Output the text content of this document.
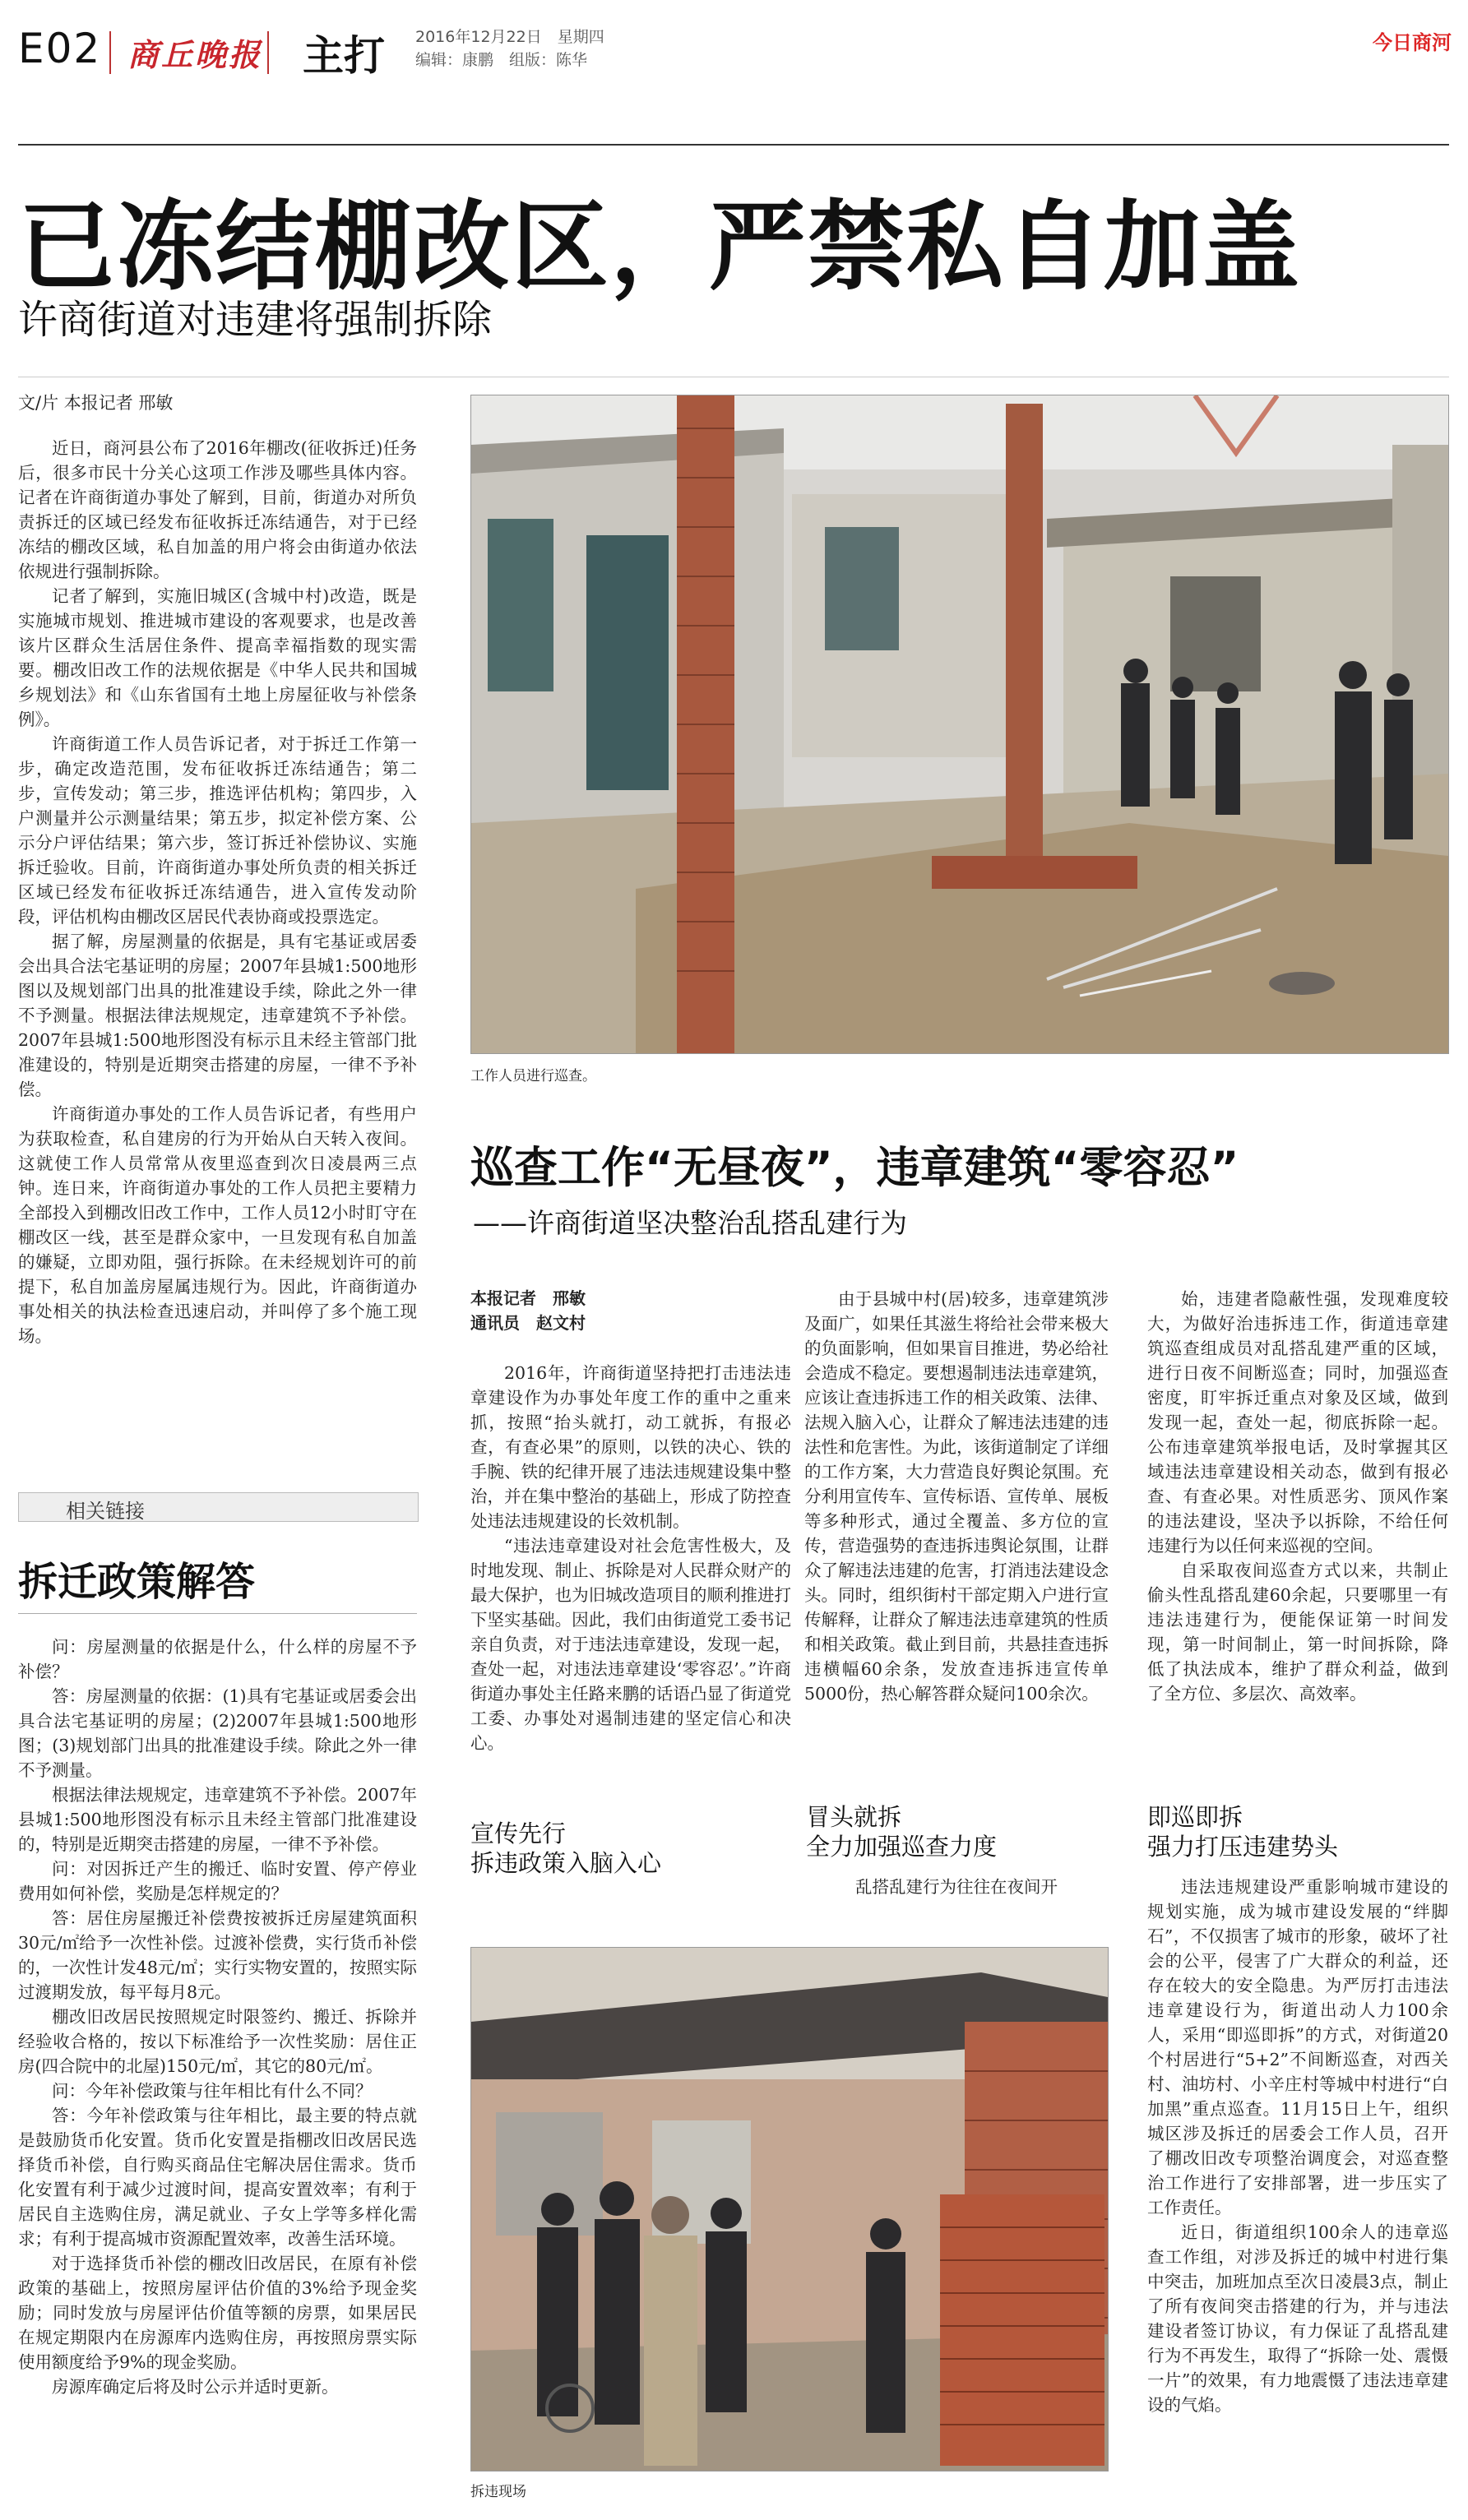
E02 商丘晚报 主打 2016年12月22日　 星期四
编辑：康鹏　 组版：陈华
今日商河
已冻结棚改区，严禁私自加盖
许商街道对违建将强制拆除
文/片 本报记者 邢敏

近日，商河县公布了2016年棚改(征收拆迁)任务后，很多市民十分关心这项工作涉及哪些具体内容。记者在许商街道办事处了解到，目前，街道办对所负责拆迁的区域已经发布征收拆迁冻结通告，对于已经冻结的棚改区域，私自加盖的用户将会由街道办依法依规进行强制拆除。

记者了解到，实施旧城区(含城中村)改造，既是实施城市规划、推进城市建设的客观要求，也是改善该片区群众生活居住条件、提高幸福指数的现实需要。棚改旧改工作的法规依据是《中华人民共和国城乡规划法》和《山东省国有土地上房屋征收与补偿条例》。

许商街道工作人员告诉记者，对于拆迁工作第一步，确定改造范围，发布征收拆迁冻结通告；第二步，宣传发动；第三步，推选评估机构；第四步，入户测量并公示测量结果；第五步，拟定补偿方案、公示分户评估结果；第六步，签订拆迁补偿协议、实施拆迁验收。目前，许商街道办事处所负责的相关拆迁区域已经发布征收拆迁冻结通告，进入宣传发动阶段，评估机构由棚改区居民代表协商或投票选定。

据了解，房屋测量的依据是，具有宅基证或居委会出具合法宅基证明的房屋；2007年县城1:500地形图以及规划部门出具的批准建设手续，除此之外一律不予测量。根据法律法规规定，违章建筑不予补偿。2007年县城1:500地形图没有标示且未经主管部门批准建设的，特别是近期突击搭建的房屋，一律不予补偿。

许商街道办事处的工作人员告诉记者，有些用户为获取检查，私自建房的行为开始从白天转入夜间。这就使工作人员常常从夜里巡查到次日凌晨两三点钟。连日来，许商街道办事处的工作人员把主要精力全部投入到棚改旧改工作中，工作人员12小时盯守在棚改区一线，甚至是群众家中，一旦发现有私自加盖的嫌疑，立即劝阻，强行拆除。在未经规划许可的前提下，私自加盖房屋属违规行为。因此，许商街道办事处相关的执法检查迅速启动，并叫停了多个施工现场。

工作人员进行巡查。
巡查工作“无昼夜”，违章建筑“零容忍”
——许商街道坚决整治乱搭乱建行为
本报记者　邢敏
通讯员　赵文村

2016年，许商街道坚持把打击违法违章建设作为办事处年度工作的重中之重来抓，按照“抬头就打，动工就拆，有报必查，有查必果”的原则，以铁的决心、铁的手腕、铁的纪律开展了违法违规建设集中整治，并在集中整治的基础上，形成了防控查处违法违规建设的长效机制。

“违法违章建设对社会危害性极大，及时地发现、制止、拆除是对人民群众财产的最大保护，也为旧城改造项目的顺利推进打下坚实基础。因此，我们由街道党工委书记亲自负责，对于违法违章建设，发现一起，查处一起，对违法违章建设‘零容忍’。”许商街道办事处主任路来鹏的话语凸显了街道党工委、办事处对遏制违建的坚定信心和决心。

宣传先行
拆违政策入脑入心

由于县城中村(居)较多，违章建筑涉及面广，如果任其滋生将给社会带来极大的负面影响，但如果盲目推进，势必给社会造成不稳定。要想遏制违法违章建筑，应该让查违拆违工作的相关政策、法律、法规入脑入心，让群众了解违法违建的违法性和危害性。为此，该街道制定了详细的工作方案，大力营造良好舆论氛围。充分利用宣传车、宣传标语、宣传单、展板等多种形式，通过全覆盖、多方位的宣传，营造强势的查违拆违舆论氛围，让群众了解违法违建的危害，打消违法建设念头。同时，组织街村干部定期入户进行宣传解释，让群众了解违法违章建筑的性质和相关政策。截止到目前，共悬挂查违拆违横幅60余条，发放查违拆违宣传单5000份，热心解答群众疑问100余次。

冒头就拆
全力加强巡查力度
乱搭乱建行为往往在夜间开

始，违建者隐蔽性强，发现难度较大，为做好治违拆违工作，街道违章建筑巡查组成员对乱搭乱建严重的区域，进行日夜不间断巡查；同时，加强巡查密度，盯牢拆迁重点对象及区域，做到发现一起，查处一起，彻底拆除一起。公布违章建筑举报电话，及时掌握其区域违法违章建设相关动态，做到有报必查、有查必果。对性质恶劣、顶风作案的违法建设，坚决予以拆除，不给任何违建行为以任何来巡视的空间。

自采取夜间巡查方式以来，共制止偷头性乱搭乱建60余起，只要哪里一有违法违建行为，便能保证第一时间发现，第一时间制止，第一时间拆除，降低了执法成本，维护了群众利益，做到了全方位、多层次、高效率。

即巡即拆
强力打压违建势头

违法违规建设严重影响城市建设的规划实施，成为城市建设发展的“绊脚石”，不仅损害了城市的形象，破坏了社会的公平，侵害了广大群众的利益，还存在较大的安全隐患。为严厉打击违法违章建设行为，街道出动人力100余人，采用“即巡即拆”的方式，对街道20个村居进行“5+2”不间断巡查，对西关村、油坊村、小辛庄村等城中村进行“白加黑”重点巡查。11月15日上午，组织城区涉及拆迁的居委会工作人员，召开了棚改旧改专项整治调度会，对巡查整治工作进行了安排部署，进一步压实了工作责任。

近日，街道组织100余人的违章巡查工作组，对涉及拆迁的城中村进行集中突击，加班加点至次日凌晨3点，制止了所有夜间突击搭建的行为，并与违法建设者签订协议，有力保证了乱搭乱建行为不再发生，取得了“拆除一处、震慑一片”的效果，有力地震慑了违法违章建设的气焰。

拆违现场
相关链接
拆迁政策解答

问：房屋测量的依据是什么，什么样的房屋不予补偿？

答：房屋测量的依据：(1)具有宅基证或居委会出具合法宅基证明的房屋；(2)2007年县城1:500地形图；(3)规划部门出具的批准建设手续。除此之外一律不予测量。

根据法律法规规定，违章建筑不予补偿。2007年县城1:500地形图没有标示且未经主管部门批准建设的，特别是近期突击搭建的房屋，一律不予补偿。

问：对因拆迁产生的搬迁、临时安置、停产停业费用如何补偿，奖励是怎样规定的？

答：居住房屋搬迁补偿费按被拆迁房屋建筑面积30元/㎡给予一次性补偿。过渡补偿费，实行货币补偿的，一次性计发48元/㎡；实行实物安置的，按照实际过渡期发放，每平每月8元。

棚改旧改居民按照规定时限签约、搬迁、拆除并经验收合格的，按以下标准给予一次性奖励：居住正房(四合院中的北屋)150元/㎡，其它的80元/㎡。

问：今年补偿政策与往年相比有什么不同？

答：今年补偿政策与往年相比，最主要的特点就是鼓励货币化安置。货币化安置是指棚改旧改居民选择货币补偿，自行购买商品住宅解决居住需求。货币化安置有利于减少过渡时间，提高安置效率；有利于居民自主选购住房，满足就业、子女上学等多样化需求；有利于提高城市资源配置效率，改善生活环境。

对于选择货币补偿的棚改旧改居民，在原有补偿政策的基础上，按照房屋评估价值的3%给予现金奖励；同时发放与房屋评估价值等额的房票，如果居民在规定期限内在房源库内选购住房，再按照房票实际使用额度给予9%的现金奖励。

房源库确定后将及时公示并适时更新。
